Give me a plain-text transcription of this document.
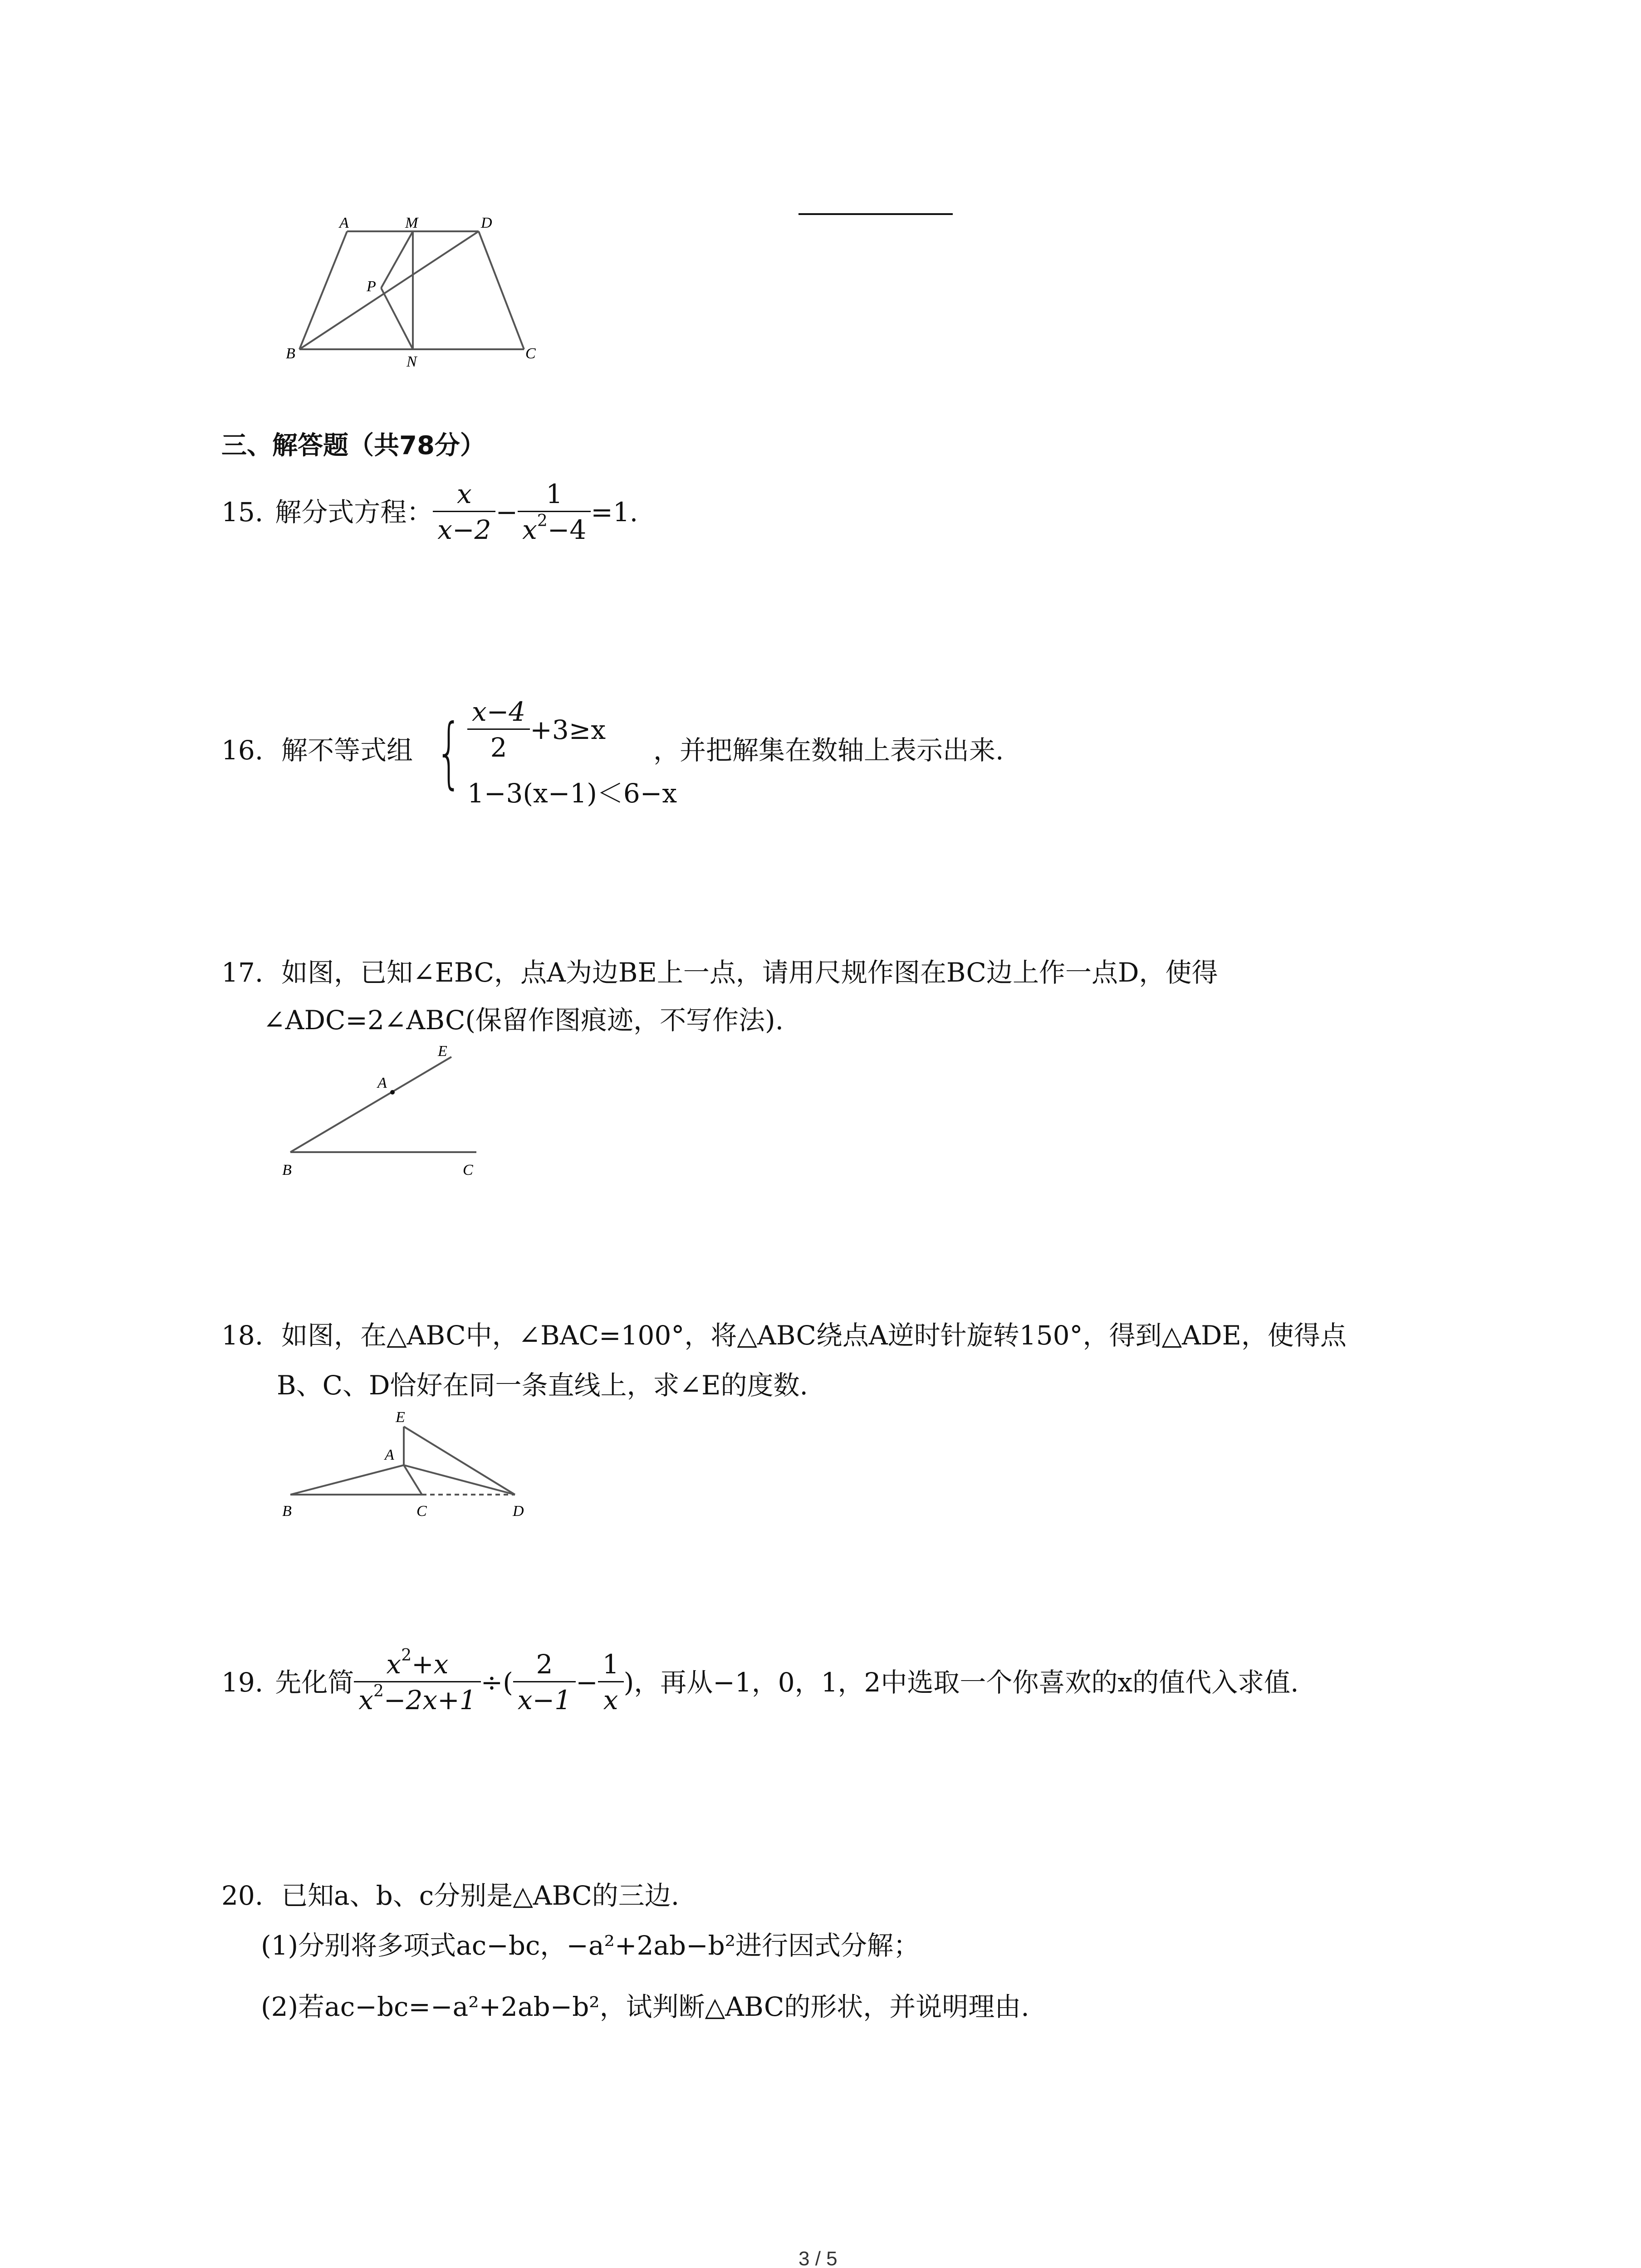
A	M	D
P
B	N	C
三、解答题（共78分）
15. 解分式方程： $\frac{x}{x-2} - \frac{1}{x^2-4} =1$.
16. 解不等式组 { $\frac{x-4}{2} +3\ge x$
1−3(x−1)＜6−x
，并把解集在数轴上表示出来.
17. 如图，已知∠EBC，点A为边BE上一点，请用尺规作图在BC边上作一点D，使得
∠ADC=2∠ABC(保留作图痕迹，不写作法).
E
A
B	C
18. 如图，在△ABC中，∠BAC=100°，将△ABC绕点A逆时针旋转150°，得到△ADE，使得点
B、C、D恰好在同一条直线上，求∠E的度数.
E
A
B	C	D
19. 先化简 $\frac{x^2+x}{x^2-2x+1}$ ÷( $\frac{2}{x-1} - \frac{1}{x}$ )，再从−1，0，1，2中选取一个你喜欢的x的值代入求值.
20. 已知a、b、c分别是△ABC的三边.
(1)分别将多项式ac−bc，−a²+2ab−b²进行因式分解；
(2)若ac−bc=−a²+2ab−b²，试判断△ABC的形状，并说明理由.
3 / 5
